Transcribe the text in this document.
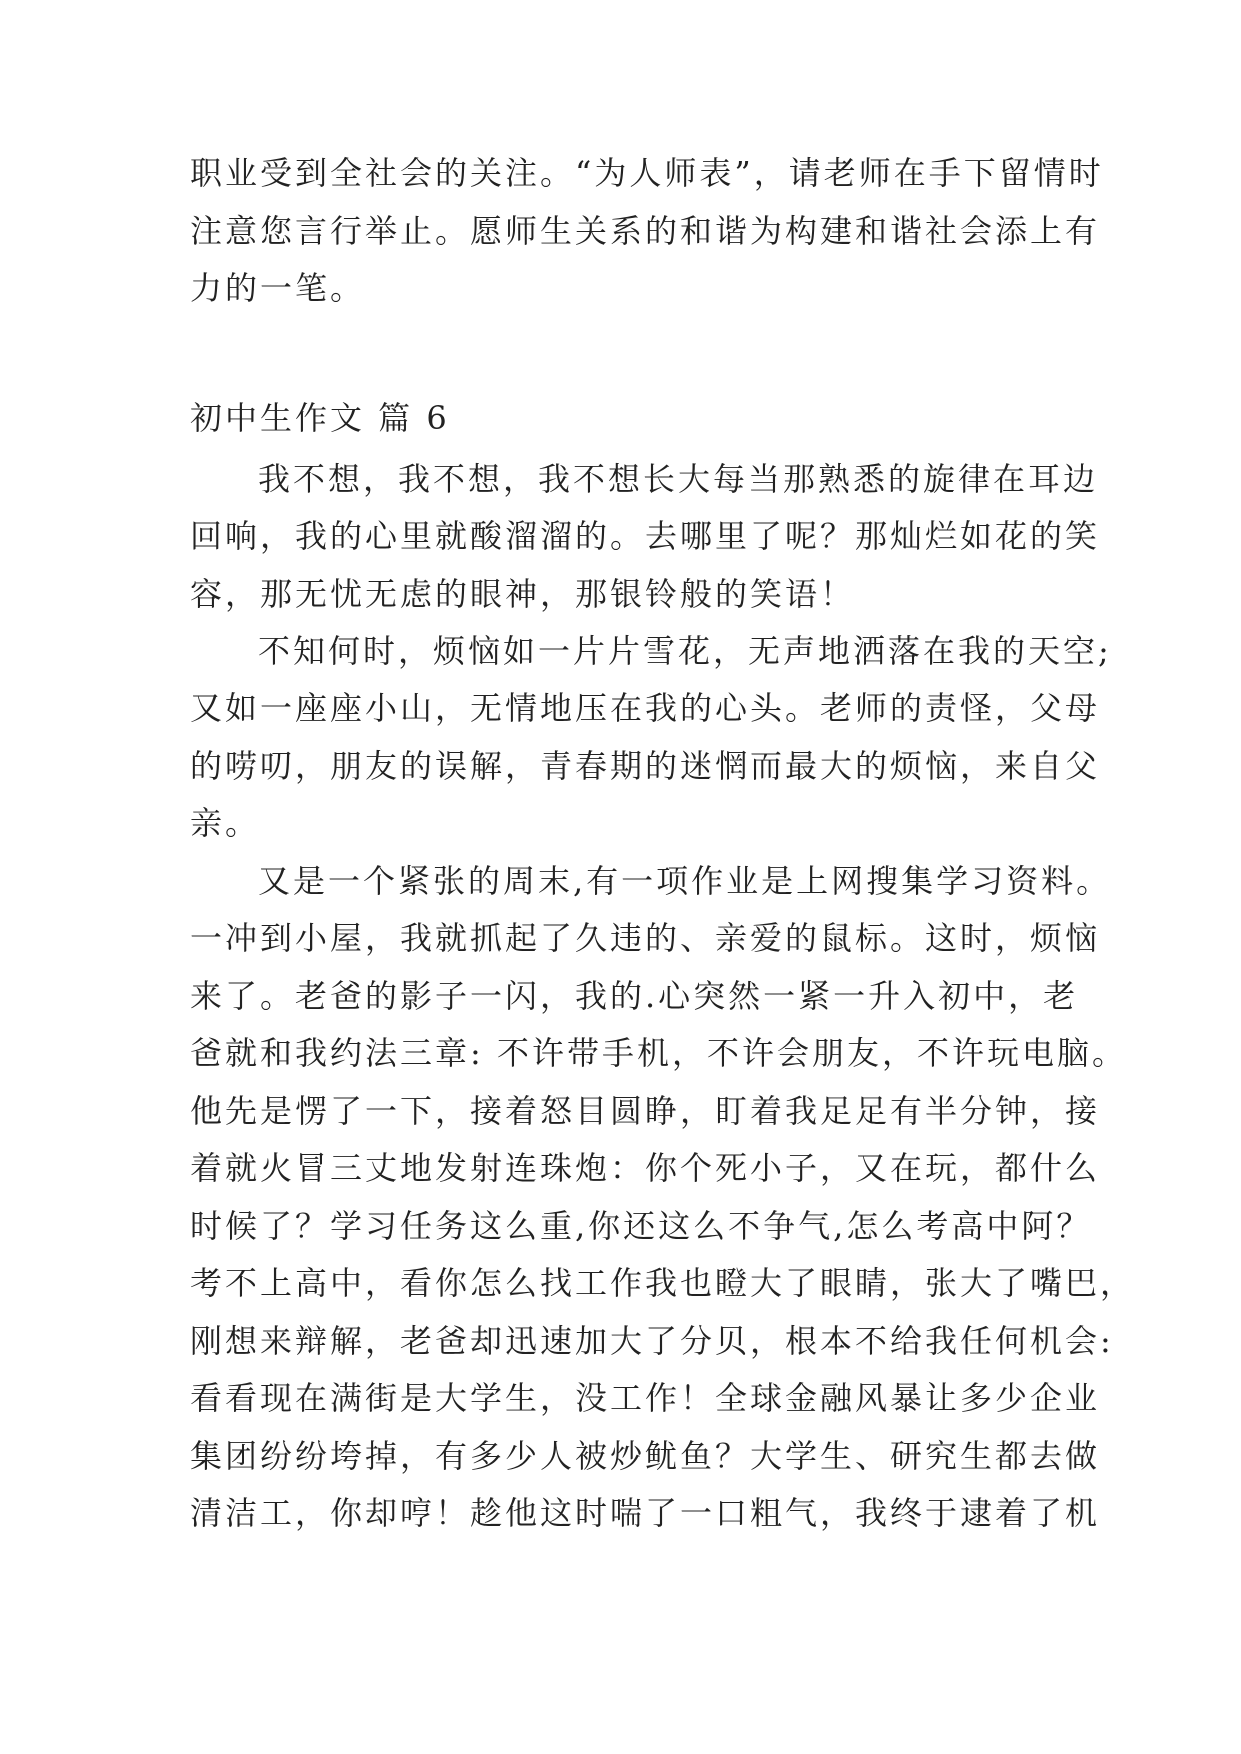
职业受到全社会的关注。“为人师表”，请老师在手下留情时
注意您言行举止。愿师生关系的和谐为构建和谐社会添上有
力的一笔。
初中生作文 篇 6
我不想，我不想，我不想长大每当那熟悉的旋律在耳边
回响，我的心里就酸溜溜的。去哪里了呢？那灿烂如花的笑
容，那无忧无虑的眼神，那银铃般的笑语！
不知何时，烦恼如一片片雪花，无声地洒落在我的天空;
又如一座座小山，无情地压在我的心头。老师的责怪，父母
的唠叨，朋友的误解，青春期的迷惘而最大的烦恼，来自父
亲。
又是一个紧张的周末,有一项作业是上网搜集学习资料。
一冲到小屋，我就抓起了久违的、亲爱的鼠标。这时，烦恼
来了。老爸的影子一闪，我的.心突然一紧一升入初中，老
爸就和我约法三章: 不许带手机，不许会朋友，不许玩电脑。
他先是愣了一下，接着怒目圆睁，盯着我足足有半分钟，接
着就火冒三丈地发射连珠炮：你个死小子，又在玩，都什么
时候了？学习任务这么重,你还这么不争气,怎么考高中阿？
考不上高中，看你怎么找工作我也瞪大了眼睛，张大了嘴巴，
刚想来辩解，老爸却迅速加大了分贝，根本不给我任何机会:
看看现在满街是大学生，没工作！全球金融风暴让多少企业
集团纷纷垮掉，有多少人被炒鱿鱼？大学生、研究生都去做
清洁工，你却哼！趁他这时喘了一口粗气，我终于逮着了机
